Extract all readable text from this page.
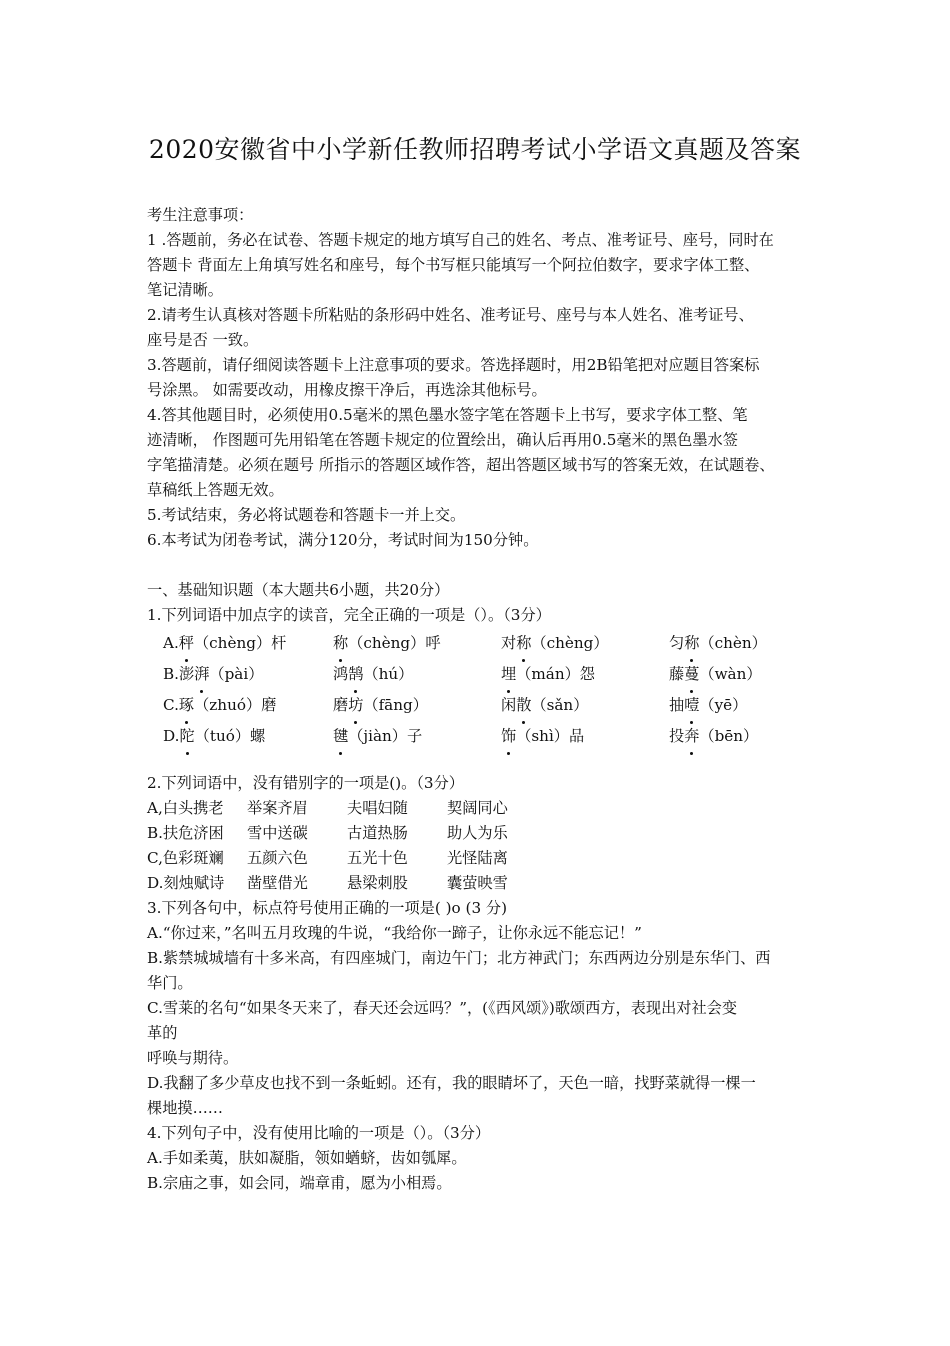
2020安徽省中小学新任教师招聘考试小学语文真题及答案
考生注意事项：
1 .答题前，务必在试卷、答题卡规定的地方填写自己的姓名、考点、准考证号、座号，同时在
答题卡 背面左上角填写姓名和座号，每个书写框只能填写一个阿拉伯数字，要求字体工整、
笔记清晰。
2.请考生认真核对答题卡所粘贴的条形码中姓名、准考证号、座号与本人姓名、准考证号、
座号是否 一致。
3.答题前，请仔细阅读答题卡上注意事项的要求。答选择题时，用2B铅笔把对应题目答案标
号涂黑。 如需要改动，用橡皮擦干净后，再选涂其他标号。
4.答其他题目时，必须使用0.5毫米的黑色墨水签字笔在答题卡上书写，要求字体工整、笔
迹清晰， 作图题可先用铅笔在答题卡规定的位置绘出，确认后再用0.5毫米的黑色墨水签
字笔描清楚。必须在题号 所指示的答题区域作答，超出答题区域书写的答案无效，在试题卷、
草稿纸上答题无效。
5.考试结束，务必将试题卷和答题卡一并上交。
6.本考试为闭卷考试，满分120分，考试时间为150分钟。
一、基础知识题（本大题共6小题，共20分）
1.下列词语中加点字的读音，完全正确的一项是（）。（3分）
A.秤（chèng）杆	称（chèng）呼	对称（chèng）	匀称（chèn）
B.澎湃（pài）	鸿鹄（hú）	埋（mán）怨	藤蔓（wàn）
C.琢（zhuó）磨	磨坊（fāng）	闲散（sǎn）	抽噎（yē）
D.陀（tuó）螺	毽（jiàn）子	饰（shì）品	投奔（bēn）
2.下列词语中，没有错别字的一项是()。（3分）
A,白头携老	举案齐眉	夫唱妇随	契阔同心
B.扶危济困	雪中送碳	古道热肠	助人为乐
C,色彩斑斓	五颜六色	五光十色	光怪陆离
D.刻烛赋诗	凿壁借光	悬梁刺股	囊萤映雪
3.下列各句中，标点符号使用正确的一项是( )o (3 分)
A.“你过来，”名叫五月玫瑰的牛说，“我给你一蹄子，让你永远不能忘记！”
B.紫禁城城墙有十多米高，有四座城门，南边午门；北方神武门；东西两边分别是东华门、西
华门。
C.雪莱的名句“如果冬天来了，春天还会远吗？”，(《西风颂》)歌颂西方，表现出对社会变
革的
呼唤与期待。
D.我翻了多少草皮也找不到一条蚯蚓。还有，我的眼睛坏了，天色一暗，找野菜就得一棵一
棵地摸……
4.下列句子中，没有使用比喻的一项是（）。（3分）
A.手如柔荑，肤如凝脂，领如蝤蛴，齿如瓠犀。
B.宗庙之事，如会同，端章甫，愿为小相焉。
